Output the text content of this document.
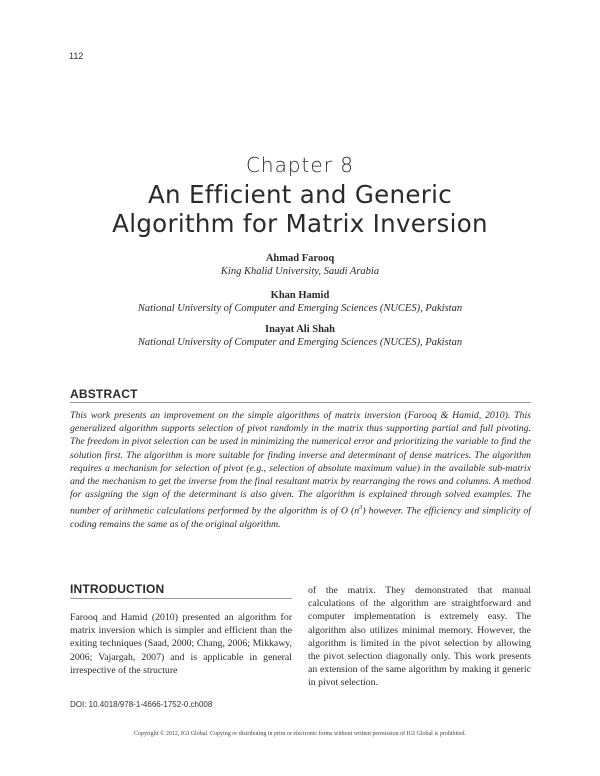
112
Chapter 8
An Efficient and Generic
Algorithm for Matrix Inversion
Ahmad Farooq
King Khalid University, Saudi Arabia
Khan Hamid
National University of Computer and Emerging Sciences (NUCES), Pakistan
Inayat Ali Shah
National University of Computer and Emerging Sciences (NUCES), Pakistan
ABSTRACT
This work presents an improvement on the simple algorithms of matrix inversion (Farooq & Hamid, 2010). This generalized algorithm supports selection of pivot randomly in the matrix thus supporting partial and full pivoting. The freedom in pivot selection can be used in minimizing the numerical error and prioritizing the variable to find the solution first. The algorithm is more suitable for finding inverse and determinant of dense matrices. The algorithm requires a mechanism for selection of pivot (e.g., selection of absolute maximum value) in the available sub-matrix and the mechanism to get the inverse from the final resultant matrix by rearranging the rows and columns. A method for assigning the sign of the determinant is also given. The algorithm is explained through solved examples. The number of arithmetic calculations performed by the algorithm is of O $(n^3)$ however. The efficiency and simplicity of coding remains the same as of the original algorithm.
INTRODUCTION
Farooq and Hamid (2010) presented an algorithm for matrix inversion which is simpler and efficient than the exiting techniques (Saad, 2000; Chang, 2006; Mikkawy, 2006; Vajargah, 2007) and is applicable in general irrespective of the structure
of the matrix. They demonstrated that manual calculations of the algorithm are straightforward and computer implementation is extremely easy. The algorithm also utilizes minimal memory. However, the algorithm is limited in the pivot selection by allowing the pivot selection diagonally only. This work presents an extension of the same algorithm by making it generic in pivot selection.
DOI: 10.4018/978-1-4666-1752-0.ch008
Copyright © 2012, IGI Global. Copying or distributing in print or electronic forms without written permission of IGI Global is prohibited.
